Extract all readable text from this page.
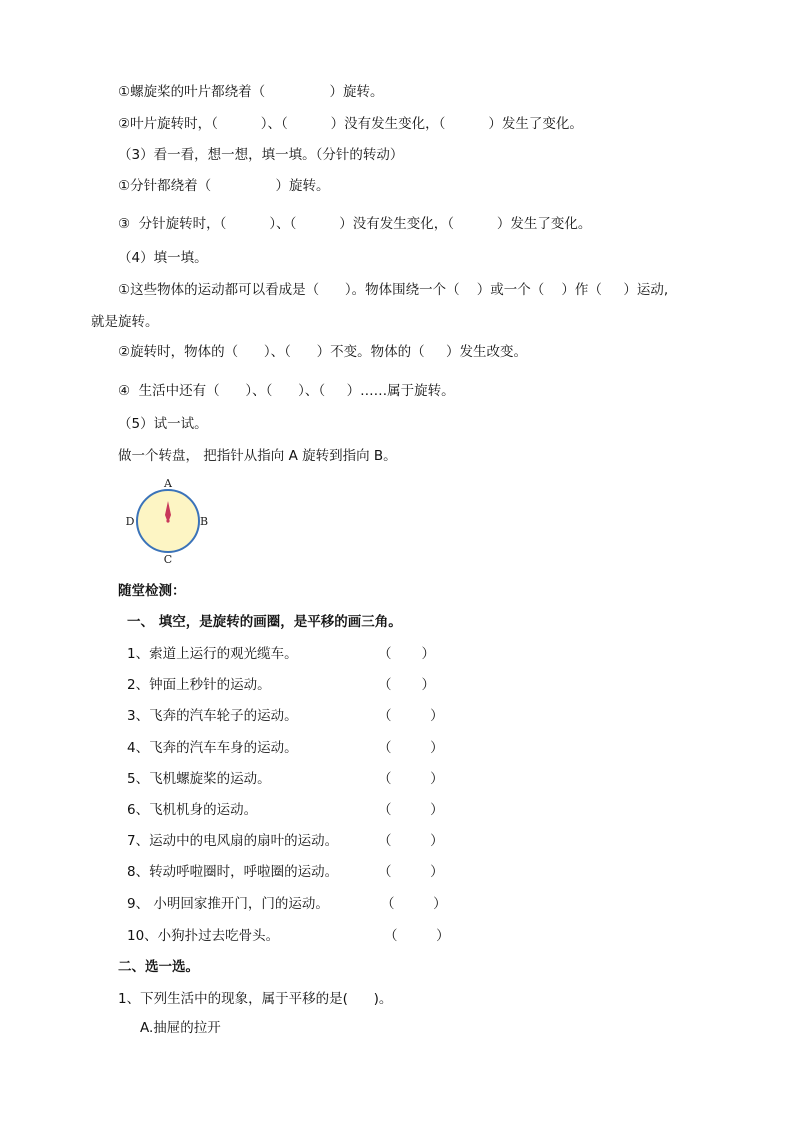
①螺旋桨的叶片都绕着（               ）旋转。
②叶片旋转时，（          ）、（          ）没有发生变化，（          ）发生了变化。
（3）看一看，想一想，填一填。（分针的转动）
①分针都绕着（               ）旋转。
③  分针旋转时，（          ）、（          ）没有发生变化，（          ）发生了变化。
（4）填一填。
①这些物体的运动都可以看成是（      ）。物体围绕一个（    ）或一个（    ）作（     ）运动,
就是旋转。
②旋转时，物体的（      ）、（      ）不变。物体的（     ）发生改变。
④  生活中还有（      ）、（      ）、（     ）……属于旋转。
（5）试一试。
做一个转盘， 把指针从指向 A 旋转到指向 B。
A
B
C
D
随堂检测：
一、 填空，是旋转的画圈，是平移的画三角。
1、索道上运行的观光缆车。	（       ）
2、钟面上秒针的运动。	（       ）
3、飞奔的汽车轮子的运动。	（         ）
4、飞奔的汽车车身的运动。	（         ）
5、飞机螺旋桨的运动。	（         ）
6、飞机机身的运动。	（         ）
7、运动中的电风扇的扇叶的运动。	（         ）
8、转动呼啦圈时，呼啦圈的运动。	（         ）
9、 小明回家推开门，门的运动。	（         ）
10、小狗扑过去吃骨头。	（         ）
二、选一选。
1、下列生活中的现象，属于平移的是(      )。
A.抽屉的拉开
